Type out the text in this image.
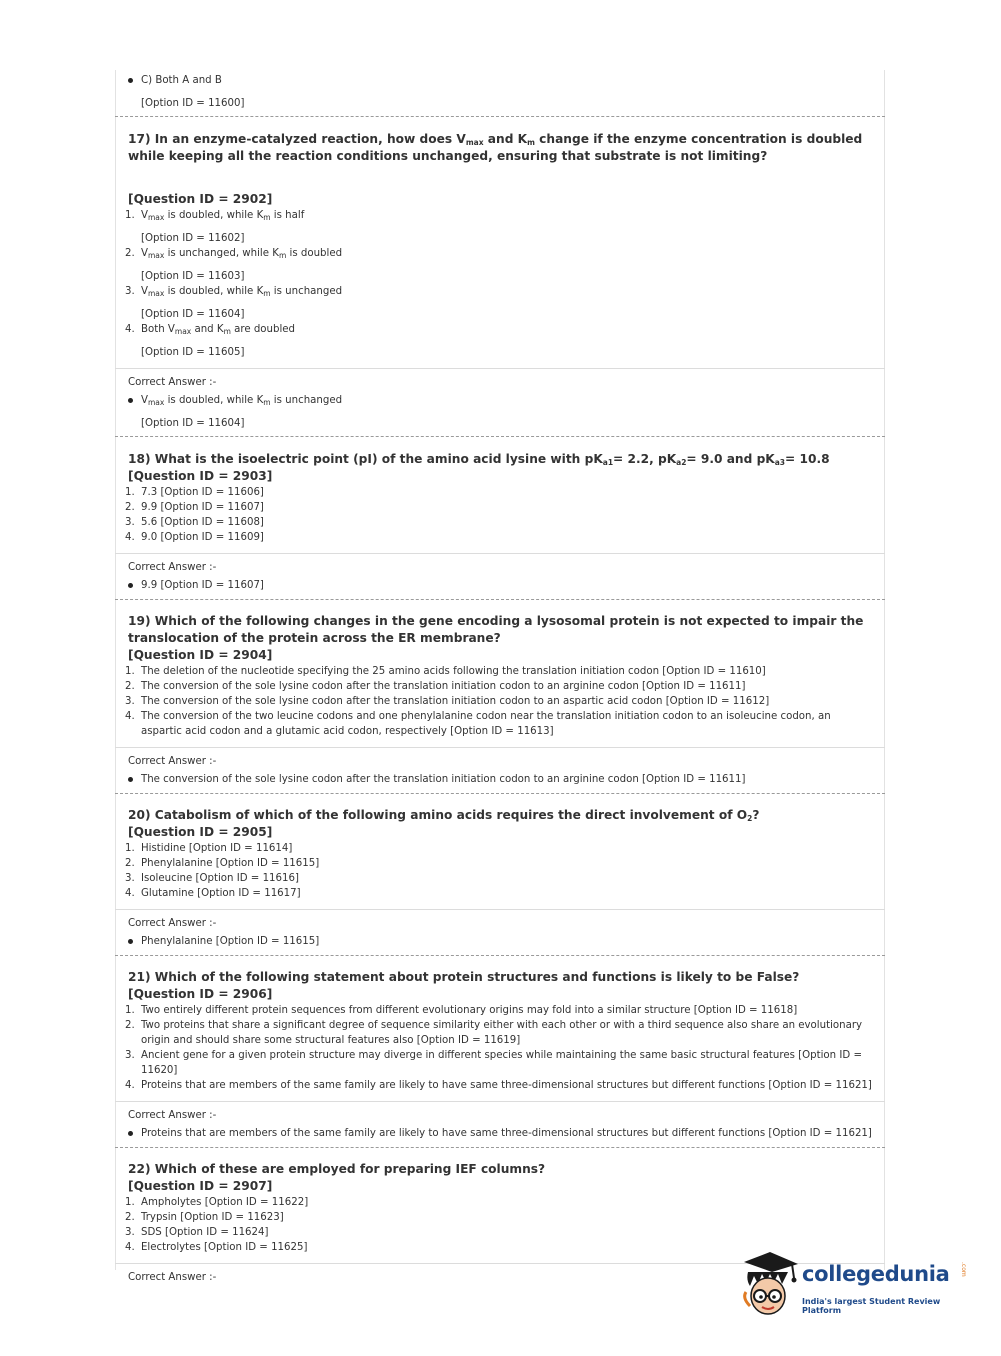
C) Both A and B
[Option ID = 11600]
17) In an enzyme-catalyzed reaction, how does $V_{max}$ and $K_m$ change if the enzyme concentration is doubled while keeping all the reaction conditions unchanged, ensuring that substrate is not limiting?
[Question ID = 2902]
1. $V_{max}$ is doubled, while $K_m$ is half
[Option ID = 11602]
2. $V_{max}$ is unchanged, while $K_m$ is doubled
[Option ID = 11603]
3. $V_{max}$ is doubled, while $K_m$ is unchanged
[Option ID = 11604]
4. Both $V_{max}$ and $K_m$ are doubled
[Option ID = 11605]
Correct Answer :-
$V_{max}$ is doubled, while $K_m$ is unchanged
[Option ID = 11604]
18) What is the isoelectric point (pI) of the amino acid lysine with $pK_{a1}= 2.2$, $pK_{a2}= 9.0$ and $pK_{a3}= 10.8$
[Question ID = 2903]
1. 7.3 [Option ID = 11606]
2. 9.9 [Option ID = 11607]
3. 5.6 [Option ID = 11608]
4. 9.0 [Option ID = 11609]
Correct Answer :-
9.9 [Option ID = 11607]
19) Which of the following changes in the gene encoding a lysosomal protein is not expected to impair the translocation of the protein across the ER membrane?
[Question ID = 2904]
1. The deletion of the nucleotide specifying the 25 amino acids following the translation initiation codon [Option ID = 11610]
2. The conversion of the sole lysine codon after the translation initiation codon to an arginine codon [Option ID = 11611]
3. The conversion of the sole lysine codon after the translation initiation codon to an aspartic acid codon [Option ID = 11612]
4. The conversion of the two leucine codons and one phenylalanine codon near the translation initiation codon to an isoleucine codon, an aspartic acid codon and a glutamic acid codon, respectively [Option ID = 11613]
Correct Answer :-
The conversion of the sole lysine codon after the translation initiation codon to an arginine codon [Option ID = 11611]
20) Catabolism of which of the following amino acids requires the direct involvement of $O_2$?
[Question ID = 2905]
1. Histidine [Option ID = 11614]
2. Phenylalanine [Option ID = 11615]
3. Isoleucine [Option ID = 11616]
4. Glutamine [Option ID = 11617]
Correct Answer :-
Phenylalanine [Option ID = 11615]
21) Which of the following statement about protein structures and functions is likely to be False?
[Question ID = 2906]
1. Two entirely different protein sequences from different evolutionary origins may fold into a similar structure [Option ID = 11618]
2. Two proteins that share a significant degree of sequence similarity either with each other or with a third sequence also share an evolutionary origin and should share some structural features also [Option ID = 11619]
3. Ancient gene for a given protein structure may diverge in different species while maintaining the same basic structural features [Option ID = 11620]
4. Proteins that are members of the same family are likely to have same three-dimensional structures but different functions [Option ID = 11621]
Correct Answer :-
Proteins that are members of the same family are likely to have same three-dimensional structures but different functions [Option ID = 11621]
22) Which of these are employed for preparing IEF columns?
[Question ID = 2907]
1. Ampholytes [Option ID = 11622]
2. Trypsin [Option ID = 11623]
3. SDS [Option ID = 11624]
4. Electrolytes [Option ID = 11625]
Correct Answer :-	collegedunia .com
India's largest Student Review Platform
